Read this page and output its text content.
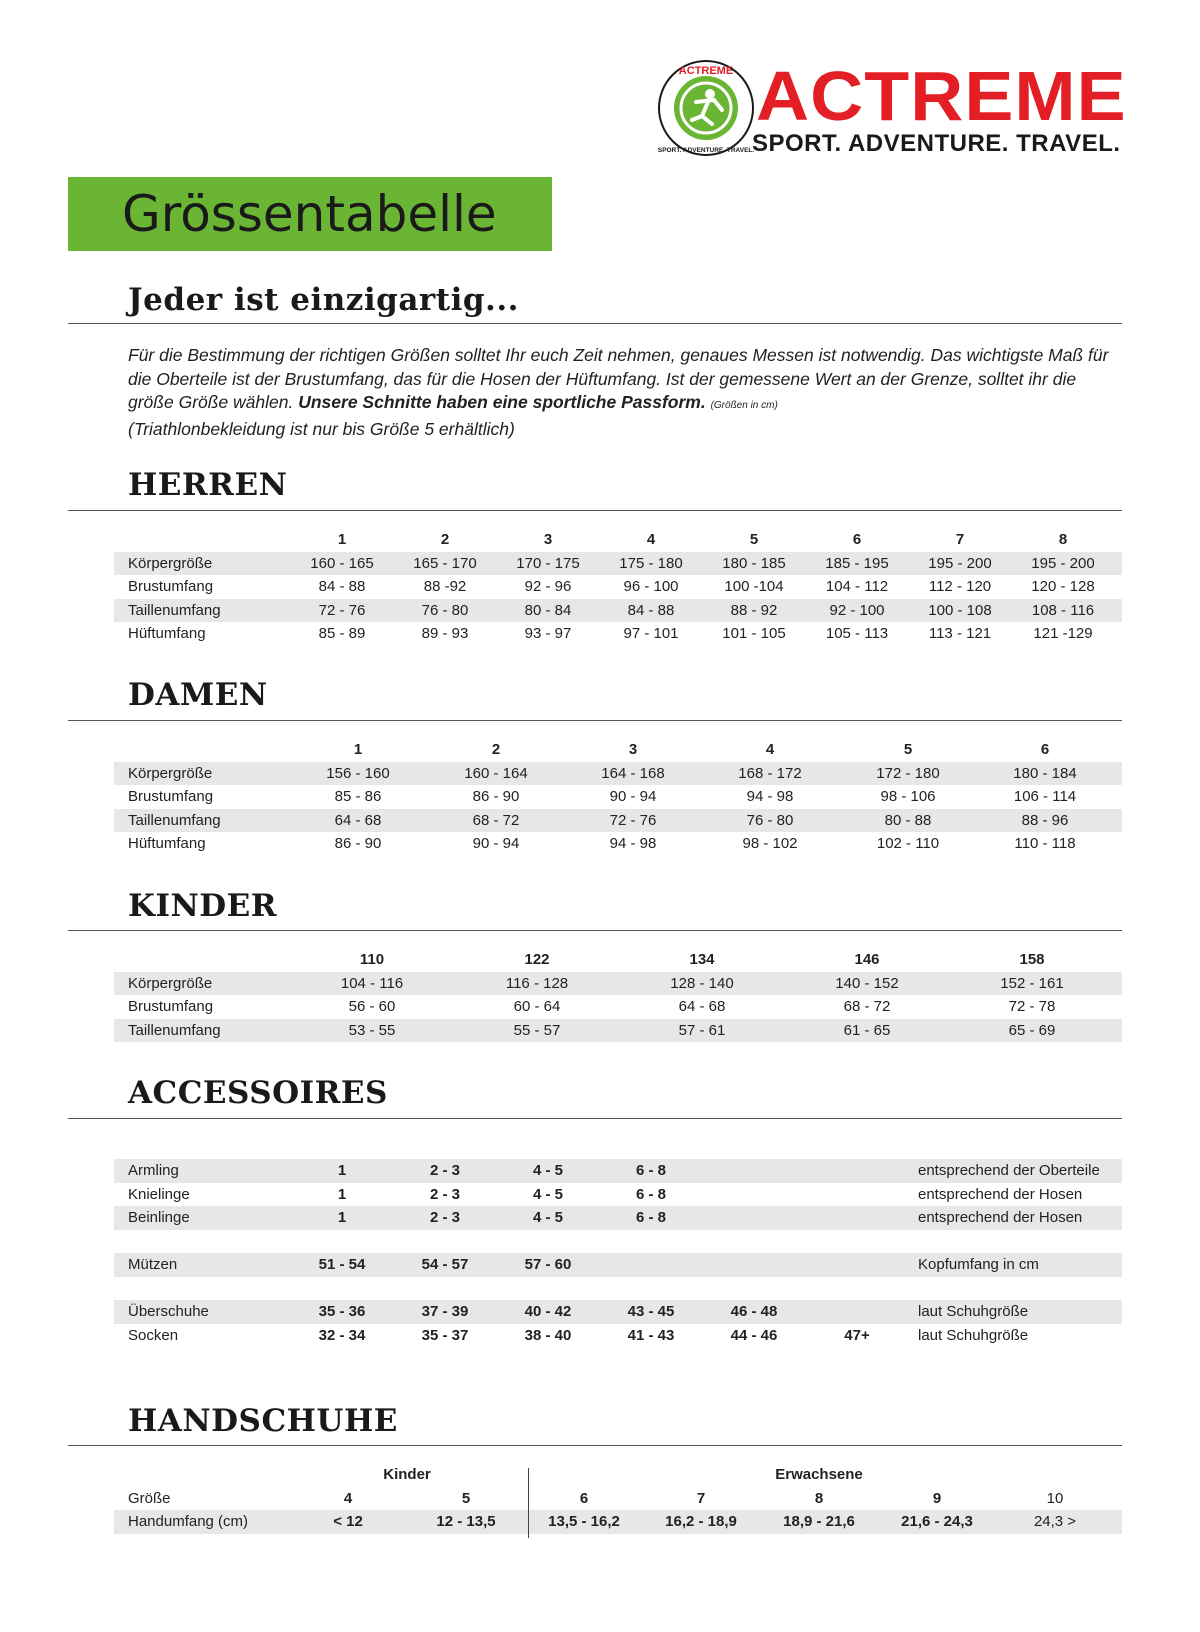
ACTREME
SPORT. ADVENTURE. TRAVEL.
ACTREME
SPORT. ADVENTURE. TRAVEL.
Grössentabelle
Jeder ist einzigartig...
Für die Bestimmung der richtigen Größen solltet Ihr euch Zeit nehmen, genaues Messen ist notwendig. Das wichtigste Maß für die Oberteile ist der Brustumfang, das für die Hosen der Hüftumfang. Ist der gemessene Wert an der Grenze, solltet ihr die größe Größe wählen. Unsere Schnitte haben eine sportliche Passform. (Größen in cm)
(Triathlonbekleidung ist nur bis Größe 5 erhältlich)
HERREN
1	2	3	4	5	6	7	8
Körpergröße	160 - 165	165 - 170	170 - 175	175 - 180	180 - 185	185 - 195	195 - 200	195 - 200
Brustumfang	84 - 88	88 -92	92 - 96	96 - 100	100 -104	104 - 112	112 - 120	120 - 128
Taillenumfang	72 - 76	76 - 80	80 - 84	84 - 88	88 - 92	92 - 100	100 - 108	108 - 116
Hüftumfang	85 - 89	89 - 93	93 - 97	97 - 101	101 - 105	105 - 113	113 - 121	121 -129
DAMEN
1	2	3	4	5	6
Körpergröße	156 - 160	160 - 164	164 - 168	168 - 172	172 - 180	180 - 184
Brustumfang	85 - 86	86 - 90	90 - 94	94 - 98	98 - 106	106 - 114
Taillenumfang	64 - 68	68 - 72	72 - 76	76 - 80	80 - 88	88 - 96
Hüftumfang	86 - 90	90 - 94	94 - 98	98 - 102	102 - 110	110 - 118
KINDER
110	122	134	146	158
Körpergröße	104 - 116	116 - 128	128 - 140	140 - 152	152 - 161
Brustumfang	56 - 60	60 - 64	64 - 68	68 - 72	72 - 78
Taillenumfang	53 - 55	55 - 57	57 - 61	61 - 65	65 - 69
ACCESSOIRES
Armling	1	2 - 3	4 - 5	6 - 8	entsprechend der Oberteile
Knielinge	1	2 - 3	4 - 5	6 - 8	entsprechend der Hosen
Beinlinge	1	2 - 3	4 - 5	6 - 8	entsprechend der Hosen
Mützen	51 - 54	54 - 57	57 - 60	Kopfumfang in cm
Überschuhe	35 - 36	37 - 39	40 - 42	43 - 45	46 - 48	laut Schuhgröße
Socken	32 - 34	35 - 37	38 - 40	41 - 43	44 - 46	47+	laut Schuhgröße
HANDSCHUHE
Kinder	Erwachsene
Größe	4	5	6	7	8	9	10
Handumfang (cm)	< 12	12 - 13,5	13,5 - 16,2	16,2 - 18,9	18,9 - 21,6	21,6 - 24,3	24,3 >
